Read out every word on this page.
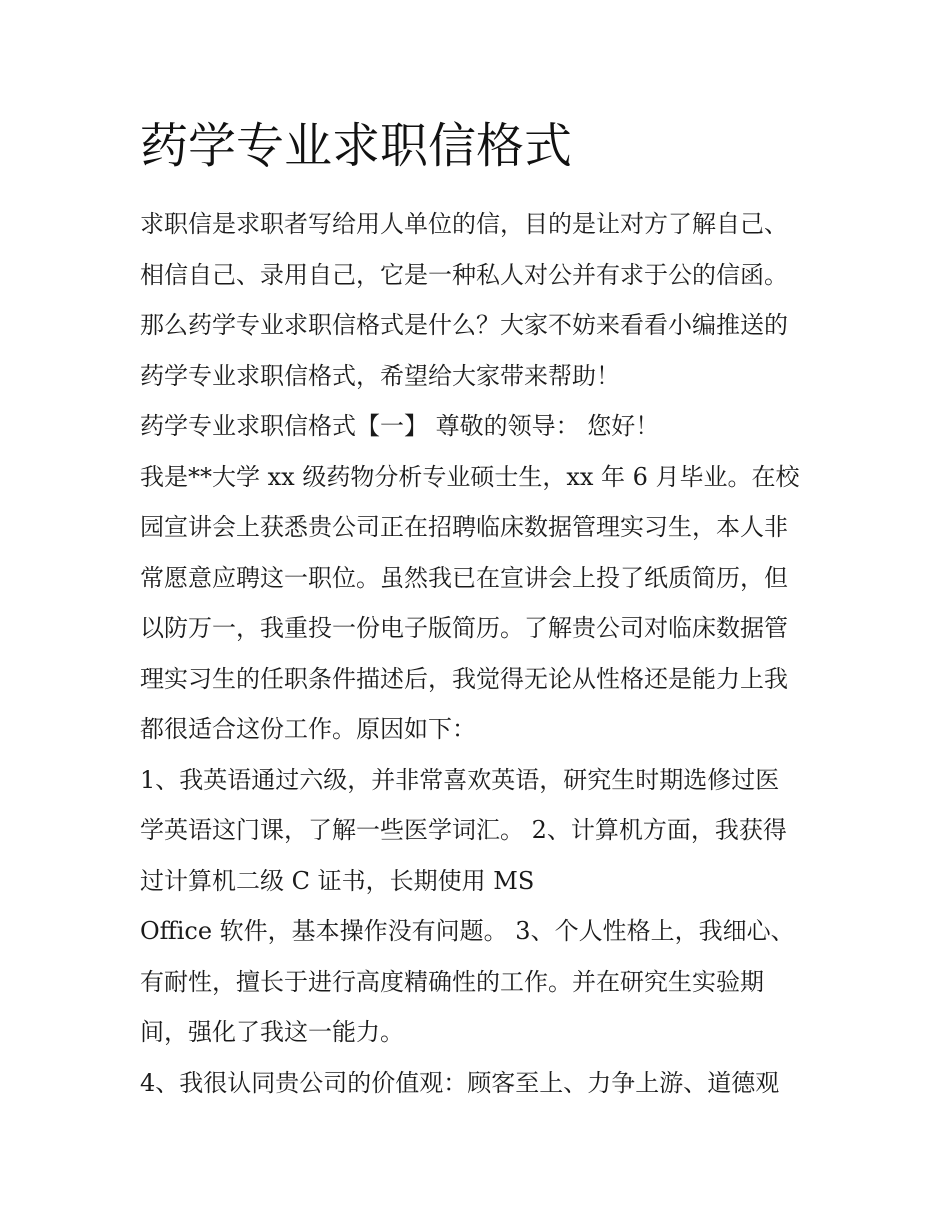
药学专业求职信格式
求职信是求职者写给用人单位的信，目的是让对方了解自己、
相信自己、录用自己，它是一种私人对公并有求于公的信函。
那么药学专业求职信格式是什么？大家不妨来看看小编推送的
药学专业求职信格式，希望给大家带来帮助！
药学专业求职信格式【一】 尊敬的领导： 您好！
我是**大学 xx 级药物分析专业硕士生，xx 年 6 月毕业。在校
园宣讲会上获悉贵公司正在招聘临床数据管理实习生，本人非
常愿意应聘这一职位。虽然我已在宣讲会上投了纸质简历，但
以防万一，我重投一份电子版简历。了解贵公司对临床数据管
理实习生的任职条件描述后，我觉得无论从性格还是能力上我
都很适合这份工作。原因如下：
1、我英语通过六级，并非常喜欢英语，研究生时期选修过医
学英语这门课，了解一些医学词汇。 2、计算机方面，我获得
过计算机二级 C 证书，长期使用 MS
Office 软件，基本操作没有问题。 3、个人性格上，我细心、
有耐性，擅长于进行高度精确性的工作。并在研究生实验期
间，强化了我这一能力。
4、我很认同贵公司的价值观：顾客至上、力争上游、道德观
